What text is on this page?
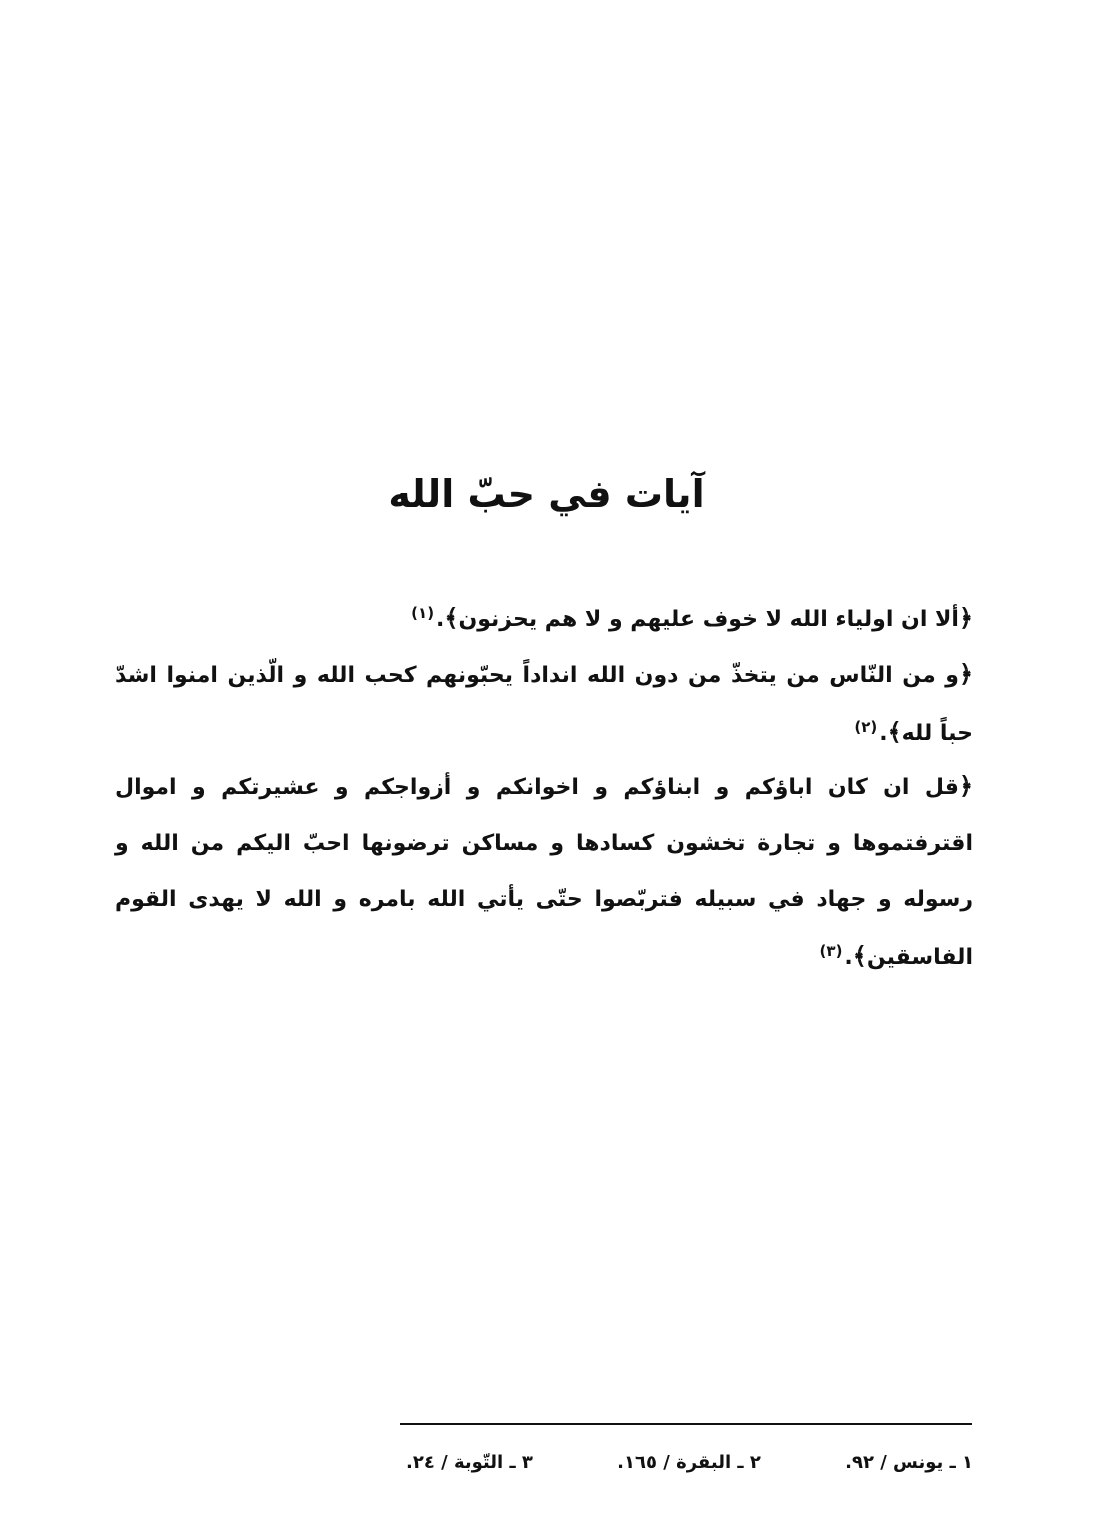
آيات في حبّ الله
﴿ألا ان اولياء الله لا خوف عليهم و لا هم يحزنون﴾.$^{(١)}$
﴿و من النّاس من يتخذّ من دون الله انداداً يحبّونهم كحب الله و الّذين امنوا اشدّ حباً لله﴾.$^{(٢)}$
﴿قل ان كان اباؤكم و ابناؤكم و اخوانكم و أزواجكم و عشيرتكم و اموال اقترفتموها و تجارة تخشون كسادها و مساكن ترضونها احبّ اليكم من الله و رسوله و جهاد في سبيله فتربّصوا حتّى يأتي الله بامره و الله لا يهدى القوم الفاسقين﴾.$^{(٣)}$
١ ـ يونس / ٩٢. ٢ ـ البقرة / ١٦٥. ٣ ـ التّوبة / ٢٤.
